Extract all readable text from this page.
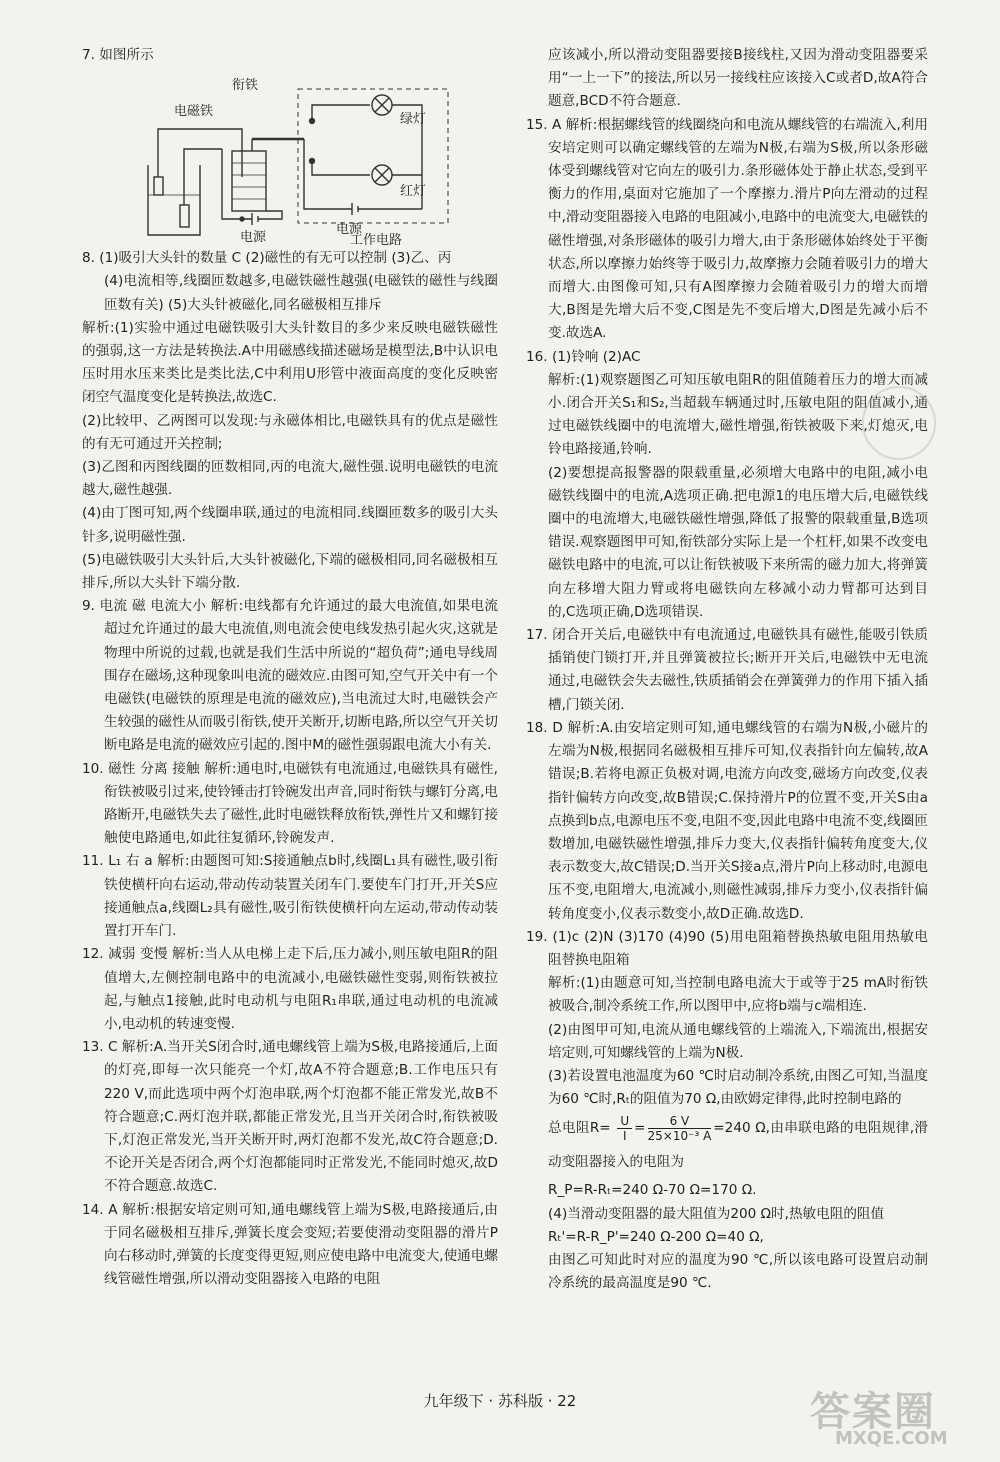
7. 如图所示

电磁铁
衔铁
绿灯
红灯
电源
电源
工作电路

8. (1)吸引大头针的数量 C (2)磁性的有无可以控制 (3)乙、丙

(4)电流相等,线圈匝数越多,电磁铁磁性越强(电磁铁的磁性与线圈匝数有关) (5)大头针被磁化,同名磁极相互排斥

解析:(1)实验中通过电磁铁吸引大头针数目的多少来反映电磁铁磁性的强弱,这一方法是转换法.A中用磁感线描述磁场是模型法,B中认识电压时用水压来类比是类比法,C中利用U形管中液面高度的变化反映密闭空气温度变化是转换法,故选C.

(2)比较甲、乙两图可以发现:与永磁体相比,电磁铁具有的优点是磁性的有无可通过开关控制;

(3)乙图和丙图线圈的匝数相同,丙的电流大,磁性强.说明电磁铁的电流越大,磁性越强.

(4)由丁图可知,两个线圈串联,通过的电流相同.线圈匝数多的吸引大头针多,说明磁性强.

(5)电磁铁吸引大头针后,大头针被磁化,下端的磁极相同,同名磁极相互排斥,所以大头针下端分散.

9. 电流 磁 电流大小 解析:电线都有允许通过的最大电流值,如果电流超过允许通过的最大电流值,则电流会使电线发热引起火灾,这就是物理中所说的过载,也就是我们生活中所说的“超负荷”;通电导线周围存在磁场,这种现象叫电流的磁效应.由图可知,空气开关中有一个电磁铁(电磁铁的原理是电流的磁效应),当电流过大时,电磁铁会产生较强的磁性从而吸引衔铁,使开关断开,切断电路,所以空气开关切断电路是电流的磁效应引起的.图中M的磁性强弱跟电流大小有关.

10. 磁性 分离 接触 解析:通电时,电磁铁有电流通过,电磁铁具有磁性,衔铁被吸引过来,使铃锤击打铃碗发出声音,同时衔铁与螺钉分离,电路断开,电磁铁失去了磁性,此时电磁铁释放衔铁,弹性片又和螺钉接触使电路通电,如此往复循环,铃碗发声.

11. L₁ 右 a 解析:由题图可知:S接通触点b时,线圈L₁具有磁性,吸引衔铁使横杆向右运动,带动传动装置关闭车门.要使车门打开,开关S应接通触点a,线圈L₂具有磁性,吸引衔铁使横杆向左运动,带动传动装置打开车门.

12. 减弱 变慢 解析:当人从电梯上走下后,压力减小,则压敏电阻R的阻值增大,左侧控制电路中的电流减小,电磁铁磁性变弱,则衔铁被拉起,与触点1接触,此时电动机与电阻R₁串联,通过电动机的电流减小,电动机的转速变慢.

13. C 解析:A.当开关S闭合时,通电螺线管上端为S极,电路接通后,上面的灯亮,即每一次只能亮一个灯,故A不符合题意;B.工作电压只有220 V,而此选项中两个灯泡串联,两个灯泡都不能正常发光,故B不符合题意;C.两灯泡并联,都能正常发光,且当开关闭合时,衔铁被吸下,灯泡正常发光,当开关断开时,两灯泡都不发光,故C符合题意;D.不论开关是否闭合,两个灯泡都能同时正常发光,不能同时熄灭,故D不符合题意.故选C.

14. A 解析:根据安培定则可知,通电螺线管上端为S极,电路接通后,由于同名磁极相互排斥,弹簧长度会变短;若要使滑动变阻器的滑片P向右移动时,弹簧的长度变得更短,则应使电路中电流变大,使通电螺线管磁性增强,所以滑动变阻器接入电路的电阻

应该减小,所以滑动变阻器要接B接线柱,又因为滑动变阻器要采用“一上一下”的接法,所以另一接线柱应该接入C或者D,故A符合题意,BCD不符合题意.

15. A 解析:根据螺线管的线圈绕向和电流从螺线管的右端流入,利用安培定则可以确定螺线管的左端为N极,右端为S极,所以条形磁体受到螺线管对它向左的吸引力.条形磁体处于静止状态,受到平衡力的作用,桌面对它施加了一个摩擦力.滑片P向左滑动的过程中,滑动变阻器接入电路的电阻减小,电路中的电流变大,电磁铁的磁性增强,对条形磁体的吸引力增大,由于条形磁体始终处于平衡状态,所以摩擦力始终等于吸引力,故摩擦力会随着吸引力的增大而增大.由图像可知,只有A图摩擦力会随着吸引力的增大而增大,B图是先增大后不变,C图是先不变后增大,D图是先减小后不变.故选A.

16. (1)铃响 (2)AC

解析:(1)观察题图乙可知压敏电阻R的阻值随着压力的增大而减小.闭合开关S₁和S₂,当超载车辆通过时,压敏电阻的阻值减小,通过电磁铁线圈中的电流增大,磁性增强,衔铁被吸下来,灯熄灭,电铃电路接通,铃响.

(2)要想提高报警器的限载重量,必须增大电路中的电阻,减小电磁铁线圈中的电流,A选项正确.把电源1的电压增大后,电磁铁线圈中的电流增大,电磁铁磁性增强,降低了报警的限载重量,B选项错误.观察题图甲可知,衔铁部分实际上是一个杠杆,如果不改变电磁铁电路中的电流,可以让衔铁被吸下来所需的磁力加大,将弹簧向左移增大阻力臂或将电磁铁向左移减小动力臂都可达到目的,C选项正确,D选项错误.

17. 闭合开关后,电磁铁中有电流通过,电磁铁具有磁性,能吸引铁质插销使门锁打开,并且弹簧被拉长;断开开关后,电磁铁中无电流通过,电磁铁会失去磁性,铁质插销会在弹簧弹力的作用下插入插槽,门锁关闭.

18. D 解析:A.由安培定则可知,通电螺线管的右端为N极,小磁片的左端为N极,根据同名磁极相互排斥可知,仪表指针向左偏转,故A错误;B.若将电源正负极对调,电流方向改变,磁场方向改变,仪表指针偏转方向改变,故B错误;C.保持滑片P的位置不变,开关S由a点换到b点,电源电压不变,电阻不变,因此电路中电流不变,线圈匝数增加,电磁铁磁性增强,排斥力变大,仪表指针偏转角度变大,仪表示数变大,故C错误;D.当开关S接a点,滑片P向上移动时,电源电压不变,电阻增大,电流减小,则磁性减弱,排斥力变小,仪表指针偏转角度变小,仪表示数变小,故D正确.故选D.

19. (1)c (2)N (3)170 (4)90 (5)用电阻箱替换热敏电阻用热敏电阻替换电阻箱

解析:(1)由题意可知,当控制电路电流大于或等于25 mA时衔铁被吸合,制冷系统工作,所以图甲中,应将b端与c端相连.

(2)由图甲可知,电流从通电螺线管的上端流入,下端流出,根据安培定则,可知螺线管的上端为N极.

(3)若设置电池温度为60 ℃时启动制冷系统,由图乙可知,当温度为60 ℃时,Rₜ的阻值为70 Ω,由欧姆定律得,此时控制电路的

总电阻$R= \frac{U}{I} = \frac{6 V}{\text{25×10⁻³ A}} =240$ Ω,由串联电路的电阻规律,滑动变阻器接入的电阻为

R_P=R-Rₜ=240 Ω-70 Ω=170 Ω.

(4)当滑动变阻器的最大阻值为200 Ω时,热敏电阻的阻值

Rₜ'=R-R_P'=240 Ω-200 Ω=40 Ω,

由图乙可知此时对应的温度为90 ℃,所以该电路可设置启动制冷系统的最高温度是90 ℃.

九年级下 · 苏科版 · 22	答案圈
MXQE.COM
